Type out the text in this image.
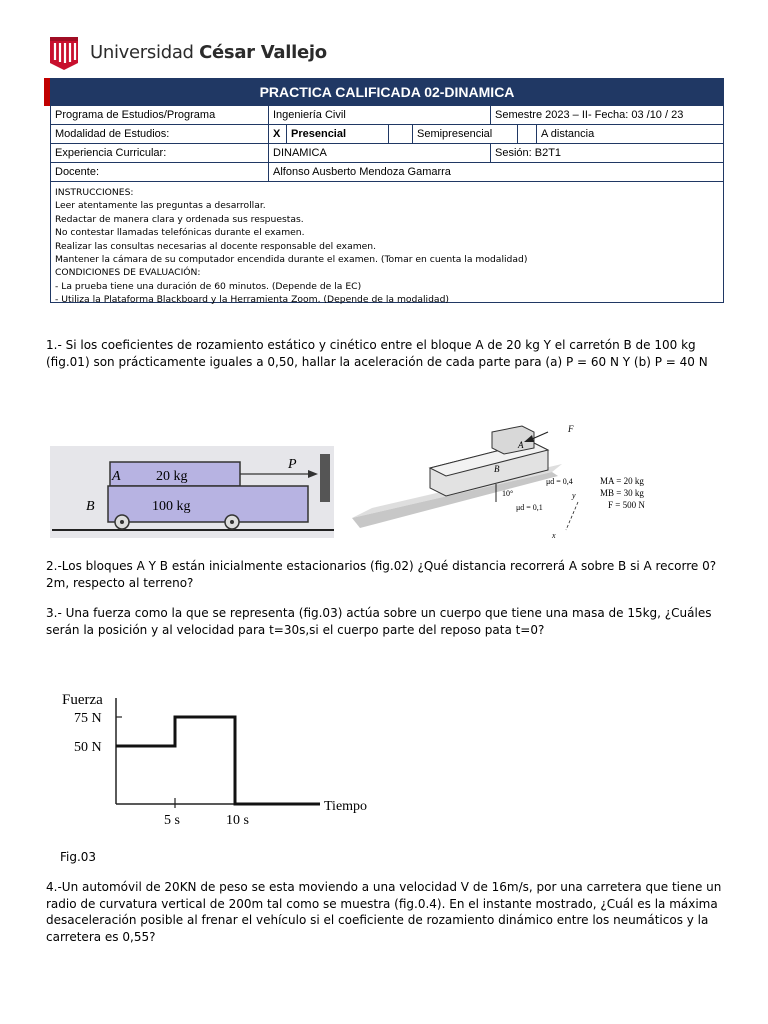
Universidad César Vallejo
PRACTICA CALIFICADA 02-DINAMICA
Programa de Estudios/Programa	Ingeniería Civil	Semestre 2023 – II- Fecha: 03 /10 / 23
Modalidad de Estudios:	X Presencial	Semipresencial	A distancia
Experiencia Curricular:	DINAMICA	Sesión: B2T1
Docente:	Alfonso Ausberto Mendoza Gamarra
INSTRUCCIONES:
Leer atentamente las preguntas a desarrollar.
Redactar de manera clara y ordenada sus respuestas.
No contestar llamadas telefónicas durante el examen.
Realizar las consultas necesarias al docente responsable del examen.
Mantener la cámara de su computador encendida durante el examen. (Tomar en cuenta la modalidad)
CONDICIONES DE EVALUACIÓN:
- La prueba tiene una duración de 60 minutos. (Depende de la EC)
- Utiliza la Plataforma Blackboard y la Herramienta Zoom. (Depende de la modalidad)
1.- Si los coeficientes de rozamiento estático y cinético entre el bloque A de 20 kg Y el carretón B de 100 kg (fig.01) son prácticamente iguales a 0,50, hallar la aceleración de cada parte para (a) P = 60 N Y (b) P = 40 N
A	20 kg
B	100 kg
P
F
A
B
μd = 0,4
10°
μd = 0,1
y
x
MA = 20 kg
MB = 30 kg
F = 500 N
2.-Los bloques A Y B están inicialmente estacionarios (fig.02) ¿Qué distancia recorrerá A sobre B si A recorre 0?2m, respecto al terreno?
3.- Una fuerza como la que se representa (fig.03) actúa sobre un cuerpo que tiene una masa de 15kg, ¿Cuáles serán la posición y al velocidad para t=30s,si el cuerpo parte del reposo pata t=0?
Fuerza
75 N
50 N
5 s	10 s
Tiempo
Fig.03
4.-Un automóvil de 20KN de peso se esta moviendo a una velocidad V de 16m/s, por una carretera que tiene un radio de curvatura vertical de 200m tal como se muestra (fig.0.4). En el instante mostrado, ¿Cuál es la máxima desaceleración posible al frenar el vehículo si el coeficiente de rozamiento dinámico entre los neumáticos y la carretera es 0,55?
